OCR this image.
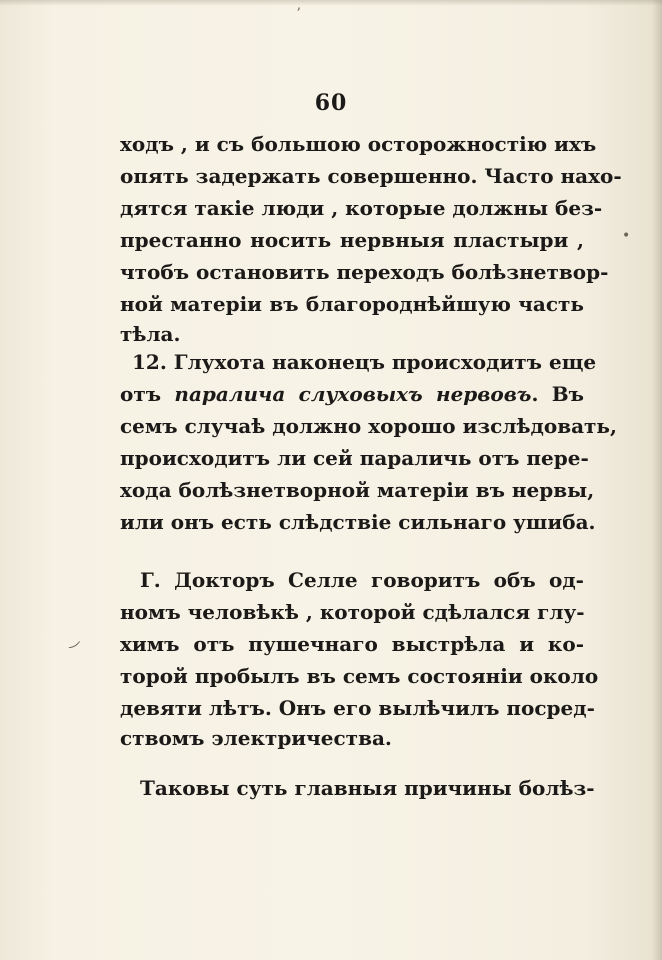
60
ходъ , и съ большою осторожностію ихъ
опять задержать совершенно. Часто нахо-
дятся такіе люди , которые должны без-
престанно носить нервныя пластыри ,
чтобъ остановить переходъ болѣзнетвор-
ной матеріи въ благороднѣйшую часть
тѣла.
12. Глухота наконецъ происходитъ еще
отъ паралича слуховыхъ нервовъ. Въ
семъ случаѣ должно хорошо изслѣдовать,
происходитъ ли сей параличь отъ пере-
хода болѣзнетворной матеріи въ нервы,
или онъ есть слѣдствіе сильнаго ушиба.
Г. Докторъ Селле говоритъ объ од-
номъ человѣкѣ , которой сдѣлался глу-
химъ отъ пушечнаго выстрѣла и ко-
торой пробылъ въ семъ состояніи около
девяти лѣтъ. Онъ его вылѣчилъ посред-
ствомъ электричества.
Таковы суть главныя причины болѣз-
•
‿
ʼ
